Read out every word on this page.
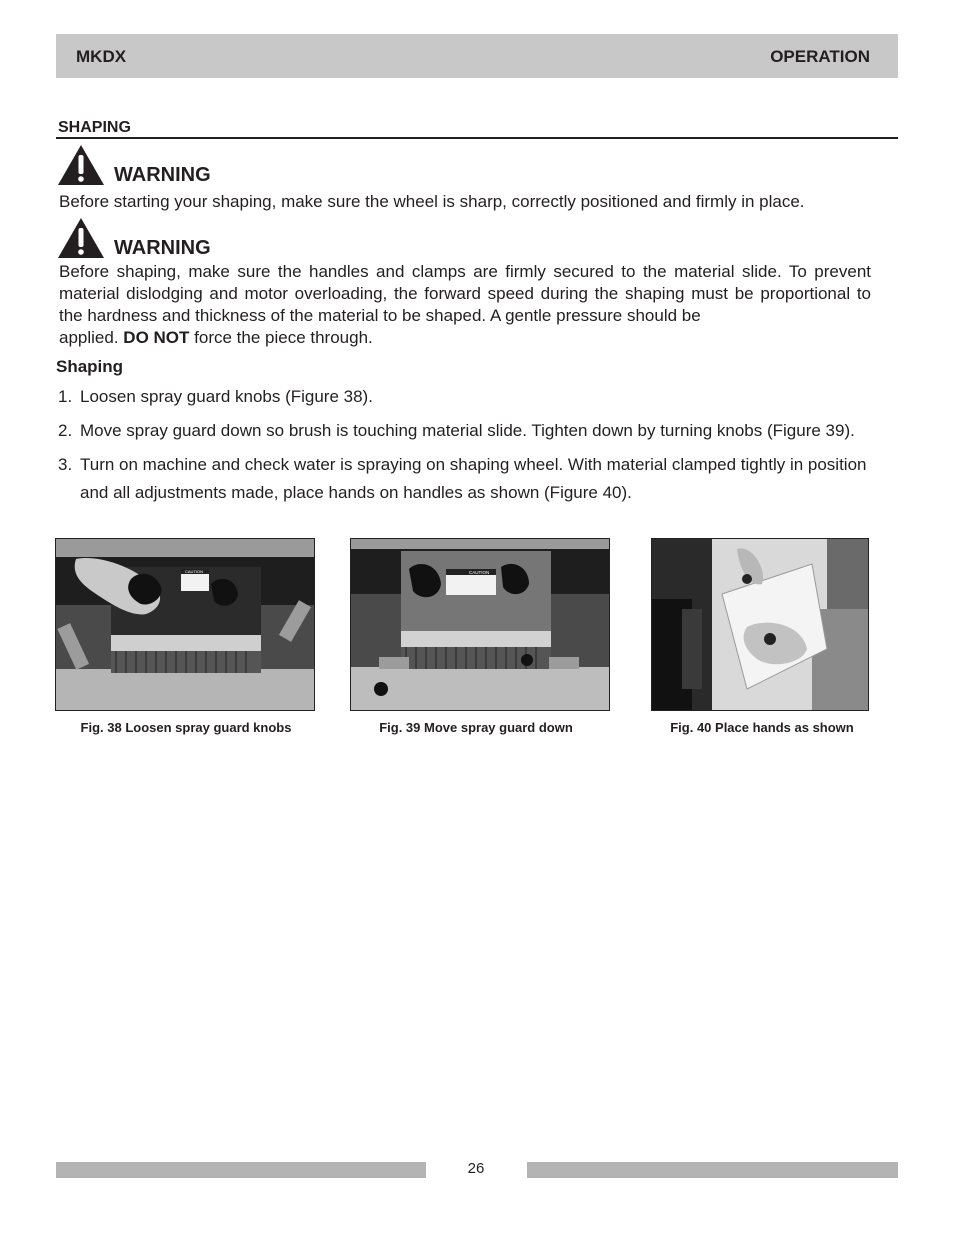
MKDX	OPERATION
SHAPING
WARNING
Before starting your shaping, make sure the wheel is sharp, correctly positioned and firmly in place.
WARNING
Before shaping, make sure the handles and clamps are firmly secured to the material slide. To prevent material dislodging and motor overloading, the forward speed during the shaping must be proportional to the hardness and thickness of the material to be shaped. A gentle pressure should be
applied. DO NOT force the piece through.
Shaping
1. Loosen spray guard knobs (Figure 38).
2. Move spray guard down so brush is touching material slide. Tighten down by turning knobs (Figure 39).
3. Turn on machine and check water is spraying on shaping wheel. With material clamped tightly in position and all adjustments made, place hands on handles as shown (Figure 40).
CAUTION
Fig. 38 Loosen spray guard knobs
CAUTION
Fig. 39 Move spray guard down	Fig. 40 Place hands as shown
26
